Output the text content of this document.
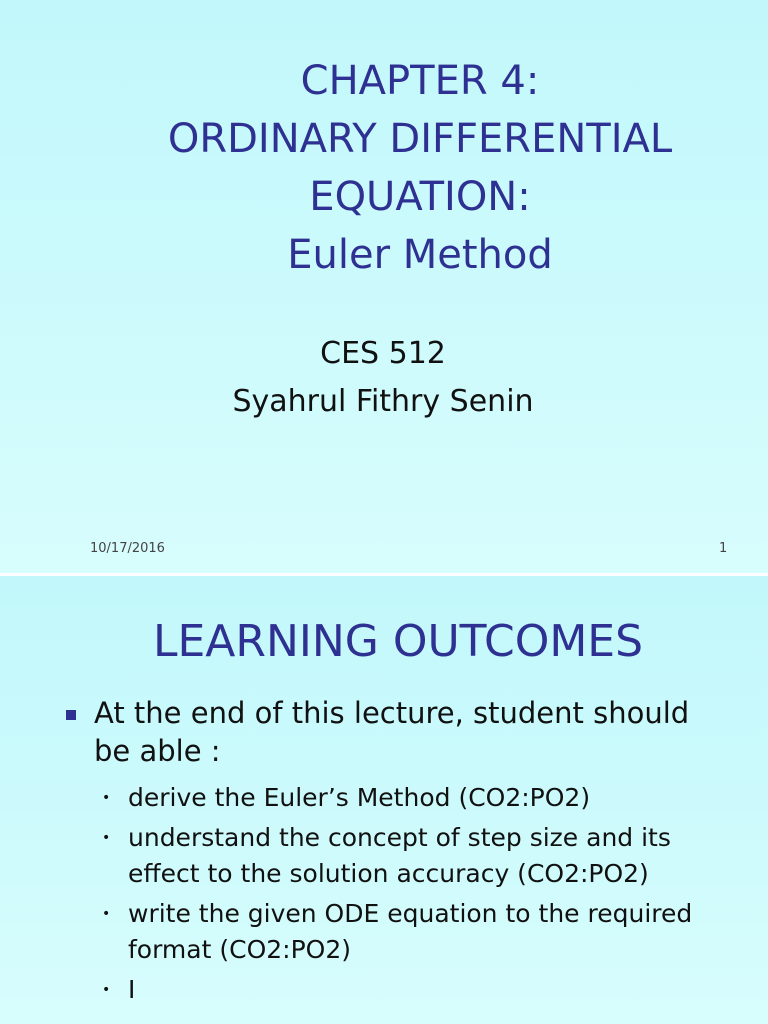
CHAPTER 4:
ORDINARY DIFFERENTIAL
EQUATION:
Euler Method
CES 512
Syahrul Fithry Senin
10/17/2016	1
LEARNING OUTCOMES
At the end of this lecture, student should be able :
• derive the Euler’s Method (CO2:PO2)
• understand the concept of step size and its effect to the solution accuracy (CO2:PO2)
• write the given ODE equation to the required format (CO2:PO2)
• I
